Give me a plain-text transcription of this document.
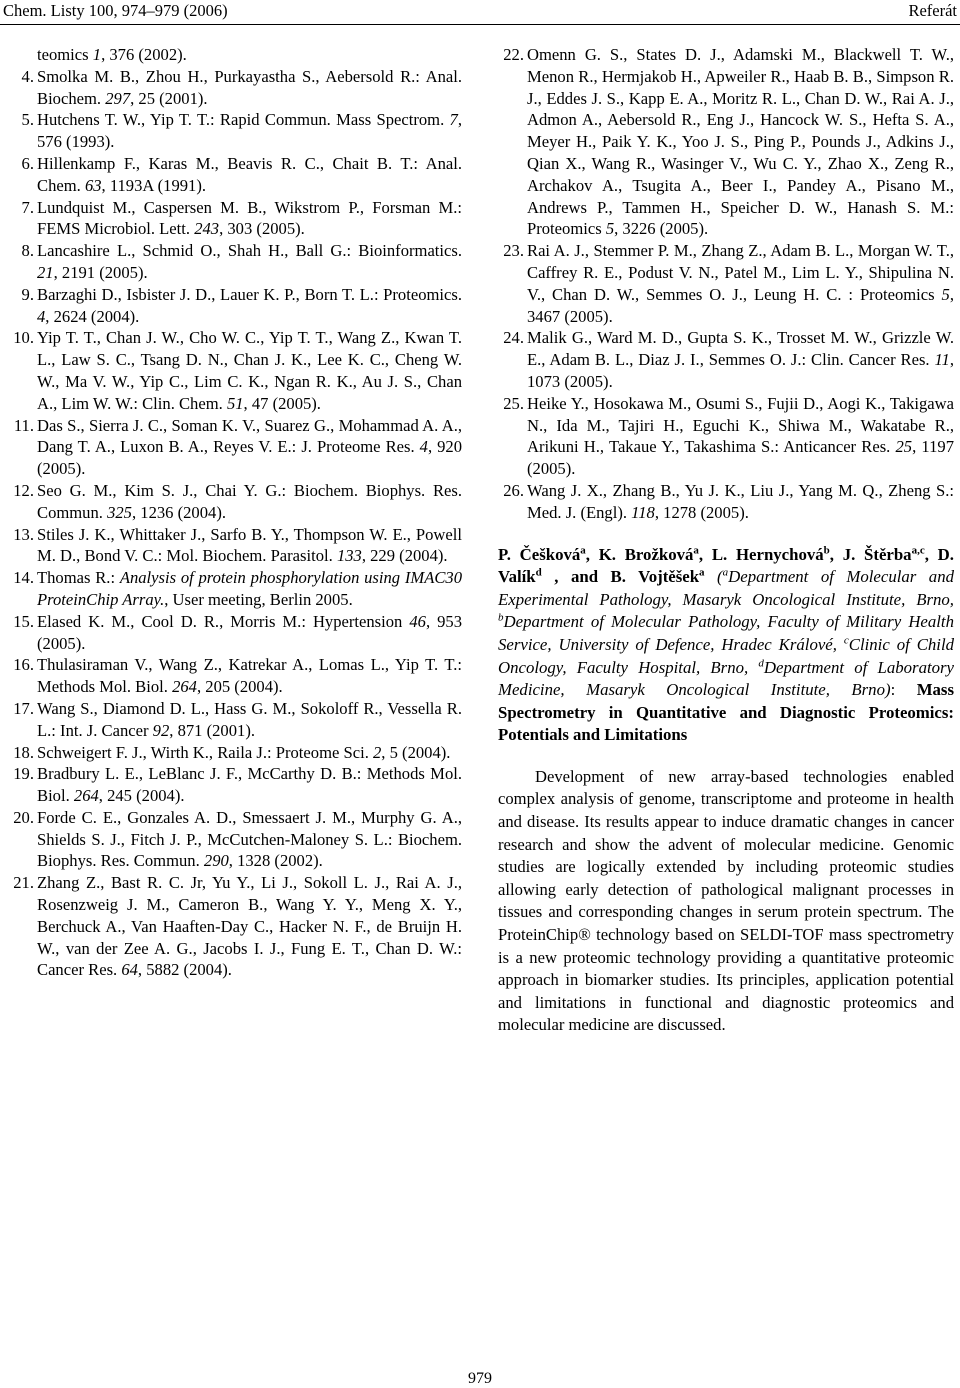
Chem. Listy 100, 974–979 (2006)	Referát
teomics 1, 376 (2002).
4. Smolka M. B., Zhou H., Purkayastha S., Aebersold R.: Anal. Biochem. 297, 25 (2001).
5. Hutchens T. W., Yip T. T.: Rapid Commun. Mass Spectrom. 7, 576 (1993).
6. Hillenkamp F., Karas M., Beavis R. C., Chait B. T.: Anal. Chem. 63, 1193A (1991).
7. Lundquist M., Caspersen M. B., Wikstrom P., Forsman M.: FEMS Microbiol. Lett. 243, 303 (2005).
8. Lancashire L., Schmid O., Shah H., Ball G.: Bioinformatics. 21, 2191 (2005).
9. Barzaghi D., Isbister J. D., Lauer K. P., Born T. L.: Proteomics. 4, 2624 (2004).
10. Yip T. T., Chan J. W., Cho W. C., Yip T. T., Wang Z., Kwan T. L., Law S. C., Tsang D. N., Chan J. K., Lee K. C., Cheng W. W., Ma V. W., Yip C., Lim C. K., Ngan R. K., Au J. S., Chan A., Lim W. W.: Clin. Chem. 51, 47 (2005).
11. Das S., Sierra J. C., Soman K. V., Suarez G., Mohammad A. A., Dang T. A., Luxon B. A., Reyes V. E.: J. Proteome Res. 4, 920 (2005).
12. Seo G. M., Kim S. J., Chai Y. G.: Biochem. Biophys. Res. Commun. 325, 1236 (2004).
13. Stiles J. K., Whittaker J., Sarfo B. Y., Thompson W. E., Powell M. D., Bond V. C.: Mol. Biochem. Parasitol. 133, 229 (2004).
14. Thomas R.: Analysis of protein phosphorylation using IMAC30 ProteinChip Array., User meeting, Berlin 2005.
15. Elased K. M., Cool D. R., Morris M.: Hypertension 46, 953 (2005).
16. Thulasiraman V., Wang Z., Katrekar A., Lomas L., Yip T. T.: Methods Mol. Biol. 264, 205 (2004).
17. Wang S., Diamond D. L., Hass G. M., Sokoloff R., Vessella R. L.: Int. J. Cancer 92, 871 (2001).
18. Schweigert F. J., Wirth K., Raila J.: Proteome Sci. 2, 5 (2004).
19. Bradbury L. E., LeBlanc J. F., McCarthy D. B.: Methods Mol. Biol. 264, 245 (2004).
20. Forde C. E., Gonzales A. D., Smessaert J. M., Murphy G. A., Shields S. J., Fitch J. P., McCutchen-Maloney S. L.: Biochem. Biophys. Res. Commun. 290, 1328 (2002).
21. Zhang Z., Bast R. C. Jr, Yu Y., Li J., Sokoll L. J., Rai A. J., Rosenzweig J. M., Cameron B., Wang Y. Y., Meng X. Y., Berchuck A., Van Haaften-Day C., Hacker N. F., de Bruijn H. W., van der Zee A. G., Jacobs I. J., Fung E. T., Chan D. W.: Cancer Res. 64, 5882 (2004).
22. Omenn G. S., States D. J., Adamski M., Blackwell T. W., Menon R., Hermjakob H., Apweiler R., Haab B. B., Simpson R. J., Eddes J. S., Kapp E. A., Moritz R. L., Chan D. W., Rai A. J., Admon A., Aebersold R., Eng J., Hancock W. S., Hefta S. A., Meyer H., Paik Y. K., Yoo J. S., Ping P., Pounds J., Adkins J., Qian X., Wang R., Wasinger V., Wu C. Y., Zhao X., Zeng R., Archakov A., Tsugita A., Beer I., Pandey A., Pisano M., Andrews P., Tammen H., Speicher D. W., Hanash S. M.: Proteomics 5, 3226 (2005).
23. Rai A. J., Stemmer P. M., Zhang Z., Adam B. L., Morgan W. T., Caffrey R. E., Podust V. N., Patel M., Lim L. Y., Shipulina N. V., Chan D. W., Semmes O. J., Leung H. C. : Proteomics 5, 3467 (2005).
24. Malik G., Ward M. D., Gupta S. K., Trosset M. W., Grizzle W. E., Adam B. L., Diaz J. I., Semmes O. J.: Clin. Cancer Res. 11, 1073 (2005).
25. Heike Y., Hosokawa M., Osumi S., Fujii D., Aogi K., Takigawa N., Ida M., Tajiri H., Eguchi K., Shiwa M., Wakatabe R., Arikuni H., Takaue Y., Takashima S.: Anticancer Res. 25, 1197 (2005).
26. Wang J. X., Zhang B., Yu J. K., Liu J., Yang M. Q., Zheng S.: Med. J. (Engl). 118, 1278 (2005).
P. Češková$^a$, K. Brožková$^a$, L. Hernychová$^b$, J. Štěrba$^{a,c}$, D. Valík$^d$ , and B. Vojtěšek$^a$ ($^a$Department of Molecular and Experimental Pathology, Masaryk Oncological Institute, Brno, $^b$Department of Molecular Pathology, Faculty of Military Health Service, University of Defence, Hradec Králové, $^c$Clinic of Child Oncology, Faculty Hospital, Brno, $^d$Department of Laboratory Medicine, Masaryk Oncological Institute, Brno): Mass Spectrometry in Quantitative and Diagnostic Proteomics: Potentials and Limitations
Development of new array-based technologies enabled complex analysis of genome, transcriptome and proteome in health and disease. Its results appear to induce dramatic changes in cancer research and show the advent of molecular medicine. Genomic studies are logically extended by including proteomic studies allowing early detection of pathological malignant processes in tissues and corresponding changes in serum protein spectrum. The ProteinChip® technology based on SELDI-TOF mass spectrometry is a new proteomic technology providing a quantitative proteomic approach in biomarker studies. Its principles, application potential and limitations in functional and diagnostic proteomics and molecular medicine are discussed.
979
